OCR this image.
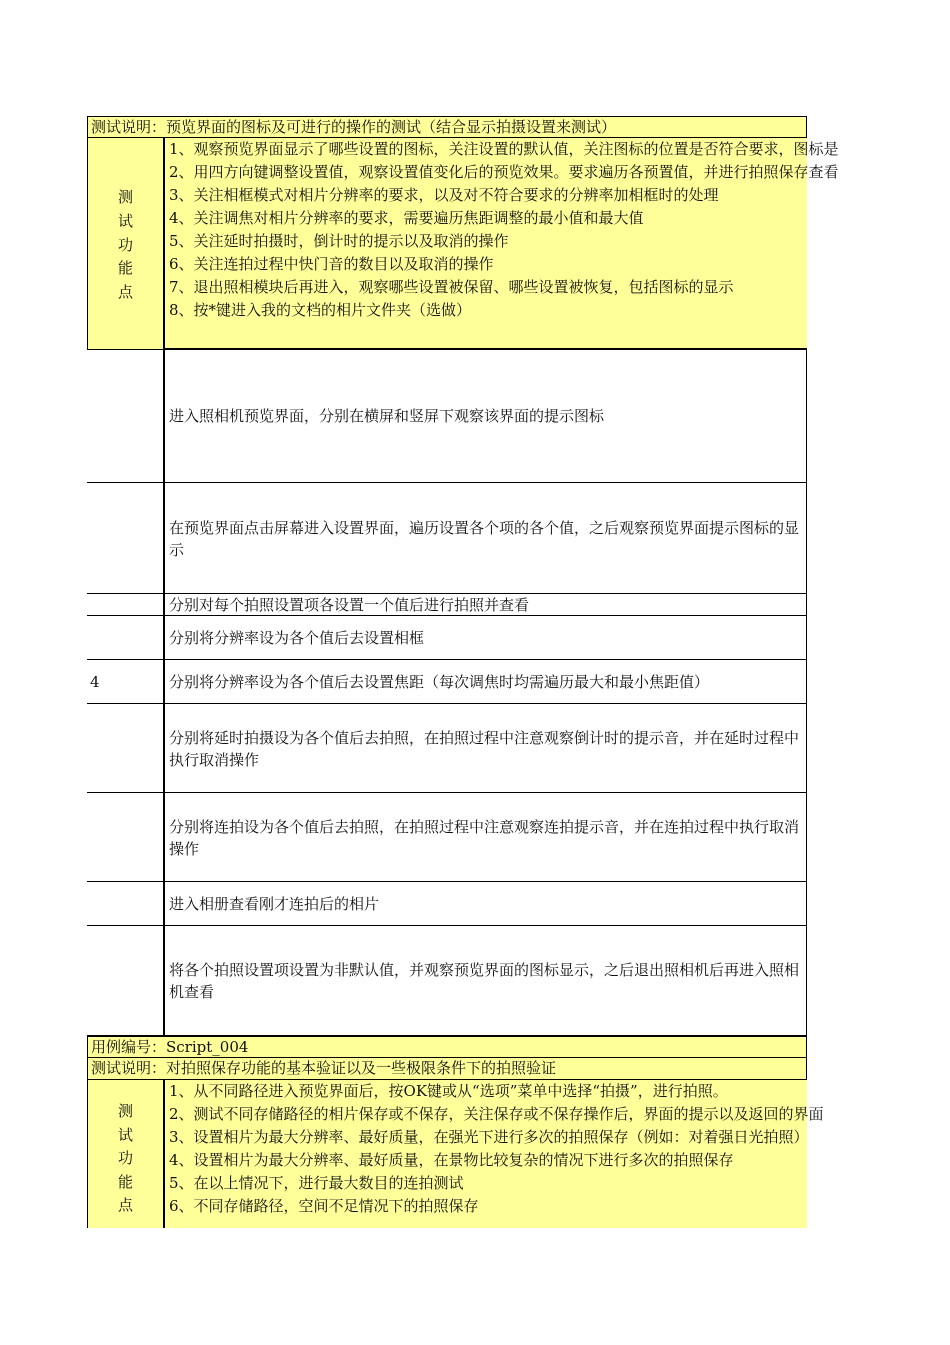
测试说明：预览界面的图标及可进行的操作的测试（结合显示拍摄设置来测试）
测
试
功
能
点
1、观察预览界面显示了哪些设置的图标，关注设置的默认值，关注图标的位置是否符合要求，图标是
2、用四方向键调整设置值，观察设置值变化后的预览效果。要求遍历各预置值，并进行拍照保存查看
3、关注相框模式对相片分辨率的要求，以及对不符合要求的分辨率加相框时的处理
4、关注调焦对相片分辨率的要求，需要遍历焦距调整的最小值和最大值
5、关注延时拍摄时，倒计时的提示以及取消的操作
6、关注连拍过程中快门音的数目以及取消的操作
7、退出照相模块后再进入，观察哪些设置被保留、哪些设置被恢复，包括图标的显示
8、按*键进入我的文档的相片文件夹（选做）
进入照相机预览界面，分别在横屏和竖屏下观察该界面的提示图标
在预览界面点击屏幕进入设置界面，遍历设置各个项的各个值，之后观察预览界面提示图标的显示
分别对每个拍照设置项各设置一个值后进行拍照并查看
分别将分辨率设为各个值后去设置相框
4	分别将分辨率设为各个值后去设置焦距（每次调焦时均需遍历最大和最小焦距值）
分别将延时拍摄设为各个值后去拍照，在拍照过程中注意观察倒计时的提示音，并在延时过程中执行取消操作
分别将连拍设为各个值后去拍照，在拍照过程中注意观察连拍提示音，并在连拍过程中执行取消操作
进入相册查看刚才连拍后的相片
将各个拍照设置项设置为非默认值，并观察预览界面的图标显示，之后退出照相机后再进入照相机查看
用例编号：Script_004
测试说明：对拍照保存功能的基本验证以及一些极限条件下的拍照验证
测
试
功
能
点
1、从不同路径进入预览界面后，按OK键或从“选项”菜单中选择“拍摄”，进行拍照。
2、测试不同存储路径的相片保存或不保存，关注保存或不保存操作后，界面的提示以及返回的界面
3、设置相片为最大分辨率、最好质量，在强光下进行多次的拍照保存（例如：对着强日光拍照）
4、设置相片为最大分辨率、最好质量，在景物比较复杂的情况下进行多次的拍照保存
5、在以上情况下，进行最大数目的连拍测试
6、不同存储路径，空间不足情况下的拍照保存
